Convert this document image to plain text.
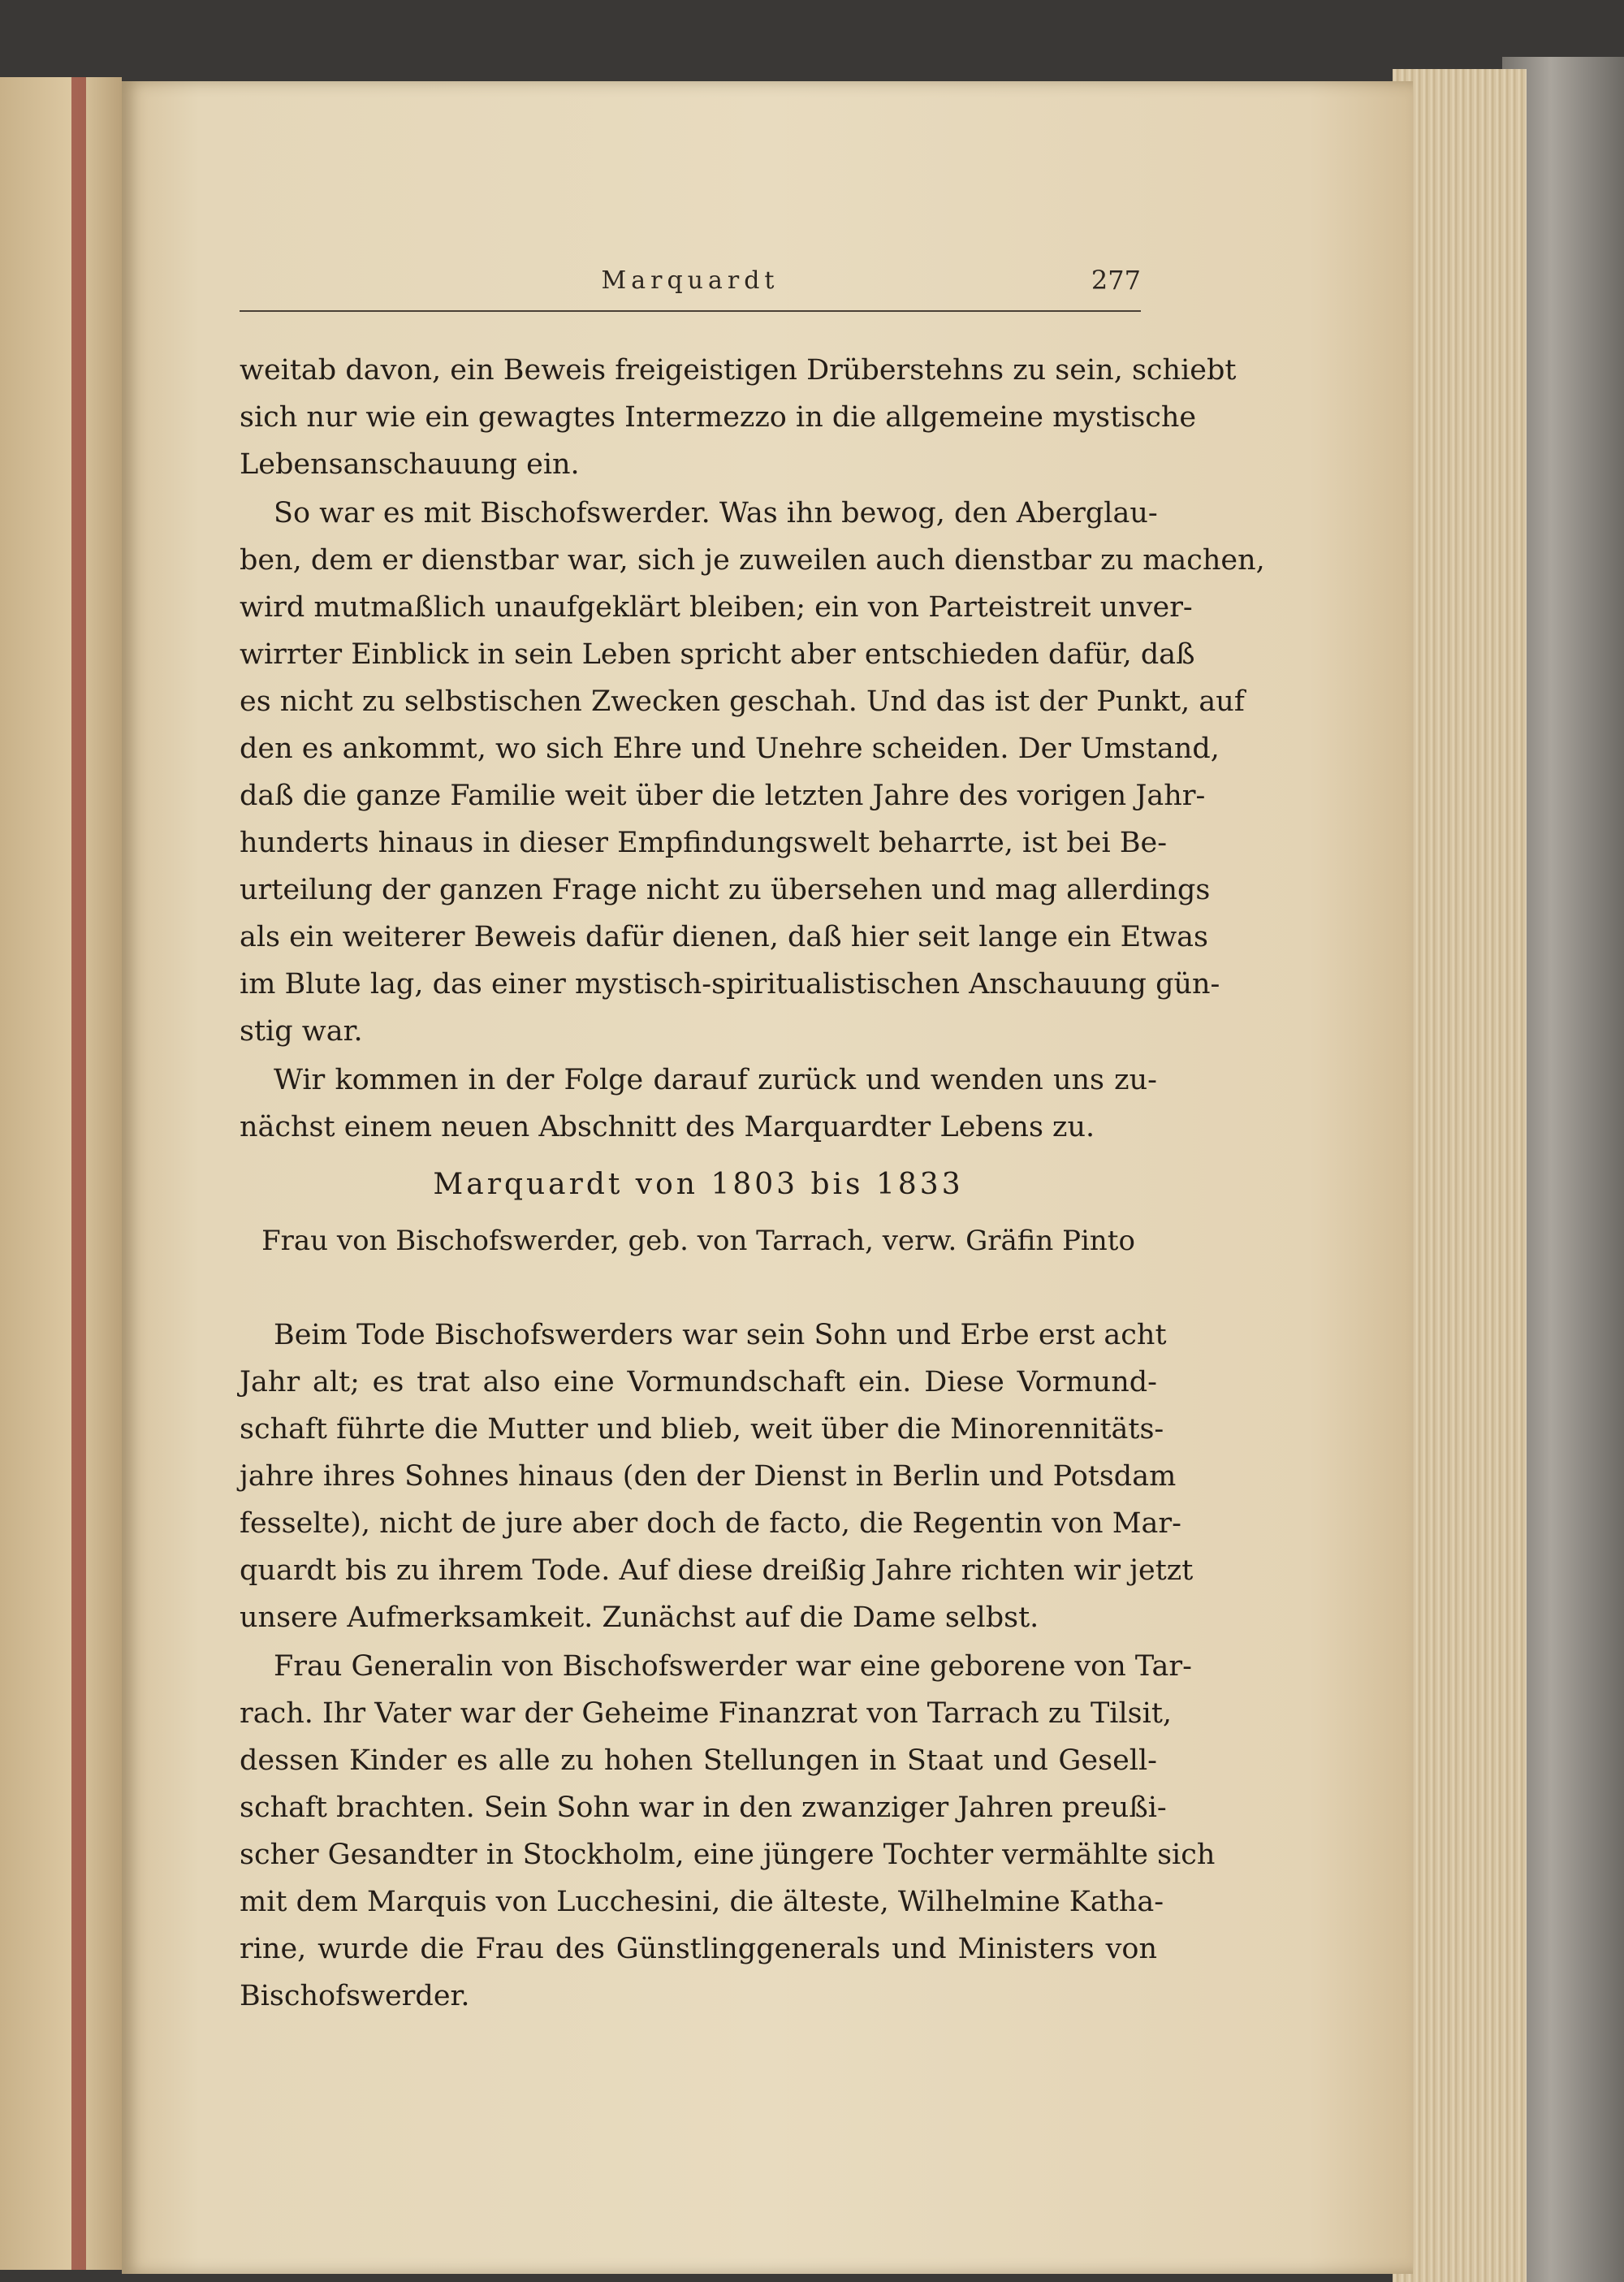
Marquardt	277
weitab davon, ein Beweis freigeistigen Drüberstehns zu sein, schiebt
sich nur wie ein gewagtes Intermezzo in die allgemeine mystische
Lebensanschauung ein.
So war es mit Bischofswerder. Was ihn bewog, den Aberglau-
ben, dem er dienstbar war, sich je zuweilen auch dienstbar zu machen,
wird mutmaßlich unaufgeklärt bleiben; ein von Parteistreit unver-
wirrter Einblick in sein Leben spricht aber entschieden dafür, daß
es nicht zu selbstischen Zwecken geschah. Und das ist der Punkt, auf
den es ankommt, wo sich Ehre und Unehre scheiden. Der Umstand,
daß die ganze Familie weit über die letzten Jahre des vorigen Jahr-
hunderts hinaus in dieser Empfindungswelt beharrte, ist bei Be-
urteilung der ganzen Frage nicht zu übersehen und mag allerdings
als ein weiterer Beweis dafür dienen, daß hier seit lange ein Etwas
im Blute lag, das einer mystisch-spiritualistischen Anschauung gün-
stig war.
Wir kommen in der Folge darauf zurück und wenden uns zu-
nächst einem neuen Abschnitt des Marquardter Lebens zu.
Marquardt von 1803 bis 1833
Frau von Bischofswerder, geb. von Tarrach, verw. Gräfin Pinto
Beim Tode Bischofswerders war sein Sohn und Erbe erst acht
Jahr alt; es trat also eine Vormundschaft ein. Diese Vormund-
schaft führte die Mutter und blieb, weit über die Minorennitäts-
jahre ihres Sohnes hinaus (den der Dienst in Berlin und Potsdam
fesselte), nicht de jure aber doch de facto, die Regentin von Mar-
quardt bis zu ihrem Tode. Auf diese dreißig Jahre richten wir jetzt
unsere Aufmerksamkeit. Zunächst auf die Dame selbst.
Frau Generalin von Bischofswerder war eine geborene von Tar-
rach. Ihr Vater war der Geheime Finanzrat von Tarrach zu Tilsit,
dessen Kinder es alle zu hohen Stellungen in Staat und Gesell-
schaft brachten. Sein Sohn war in den zwanziger Jahren preußi-
scher Gesandter in Stockholm, eine jüngere Tochter vermählte sich
mit dem Marquis von Lucchesini, die älteste, Wilhelmine Katha-
rine, wurde die Frau des Günstlinggenerals und Ministers von
Bischofswerder.
